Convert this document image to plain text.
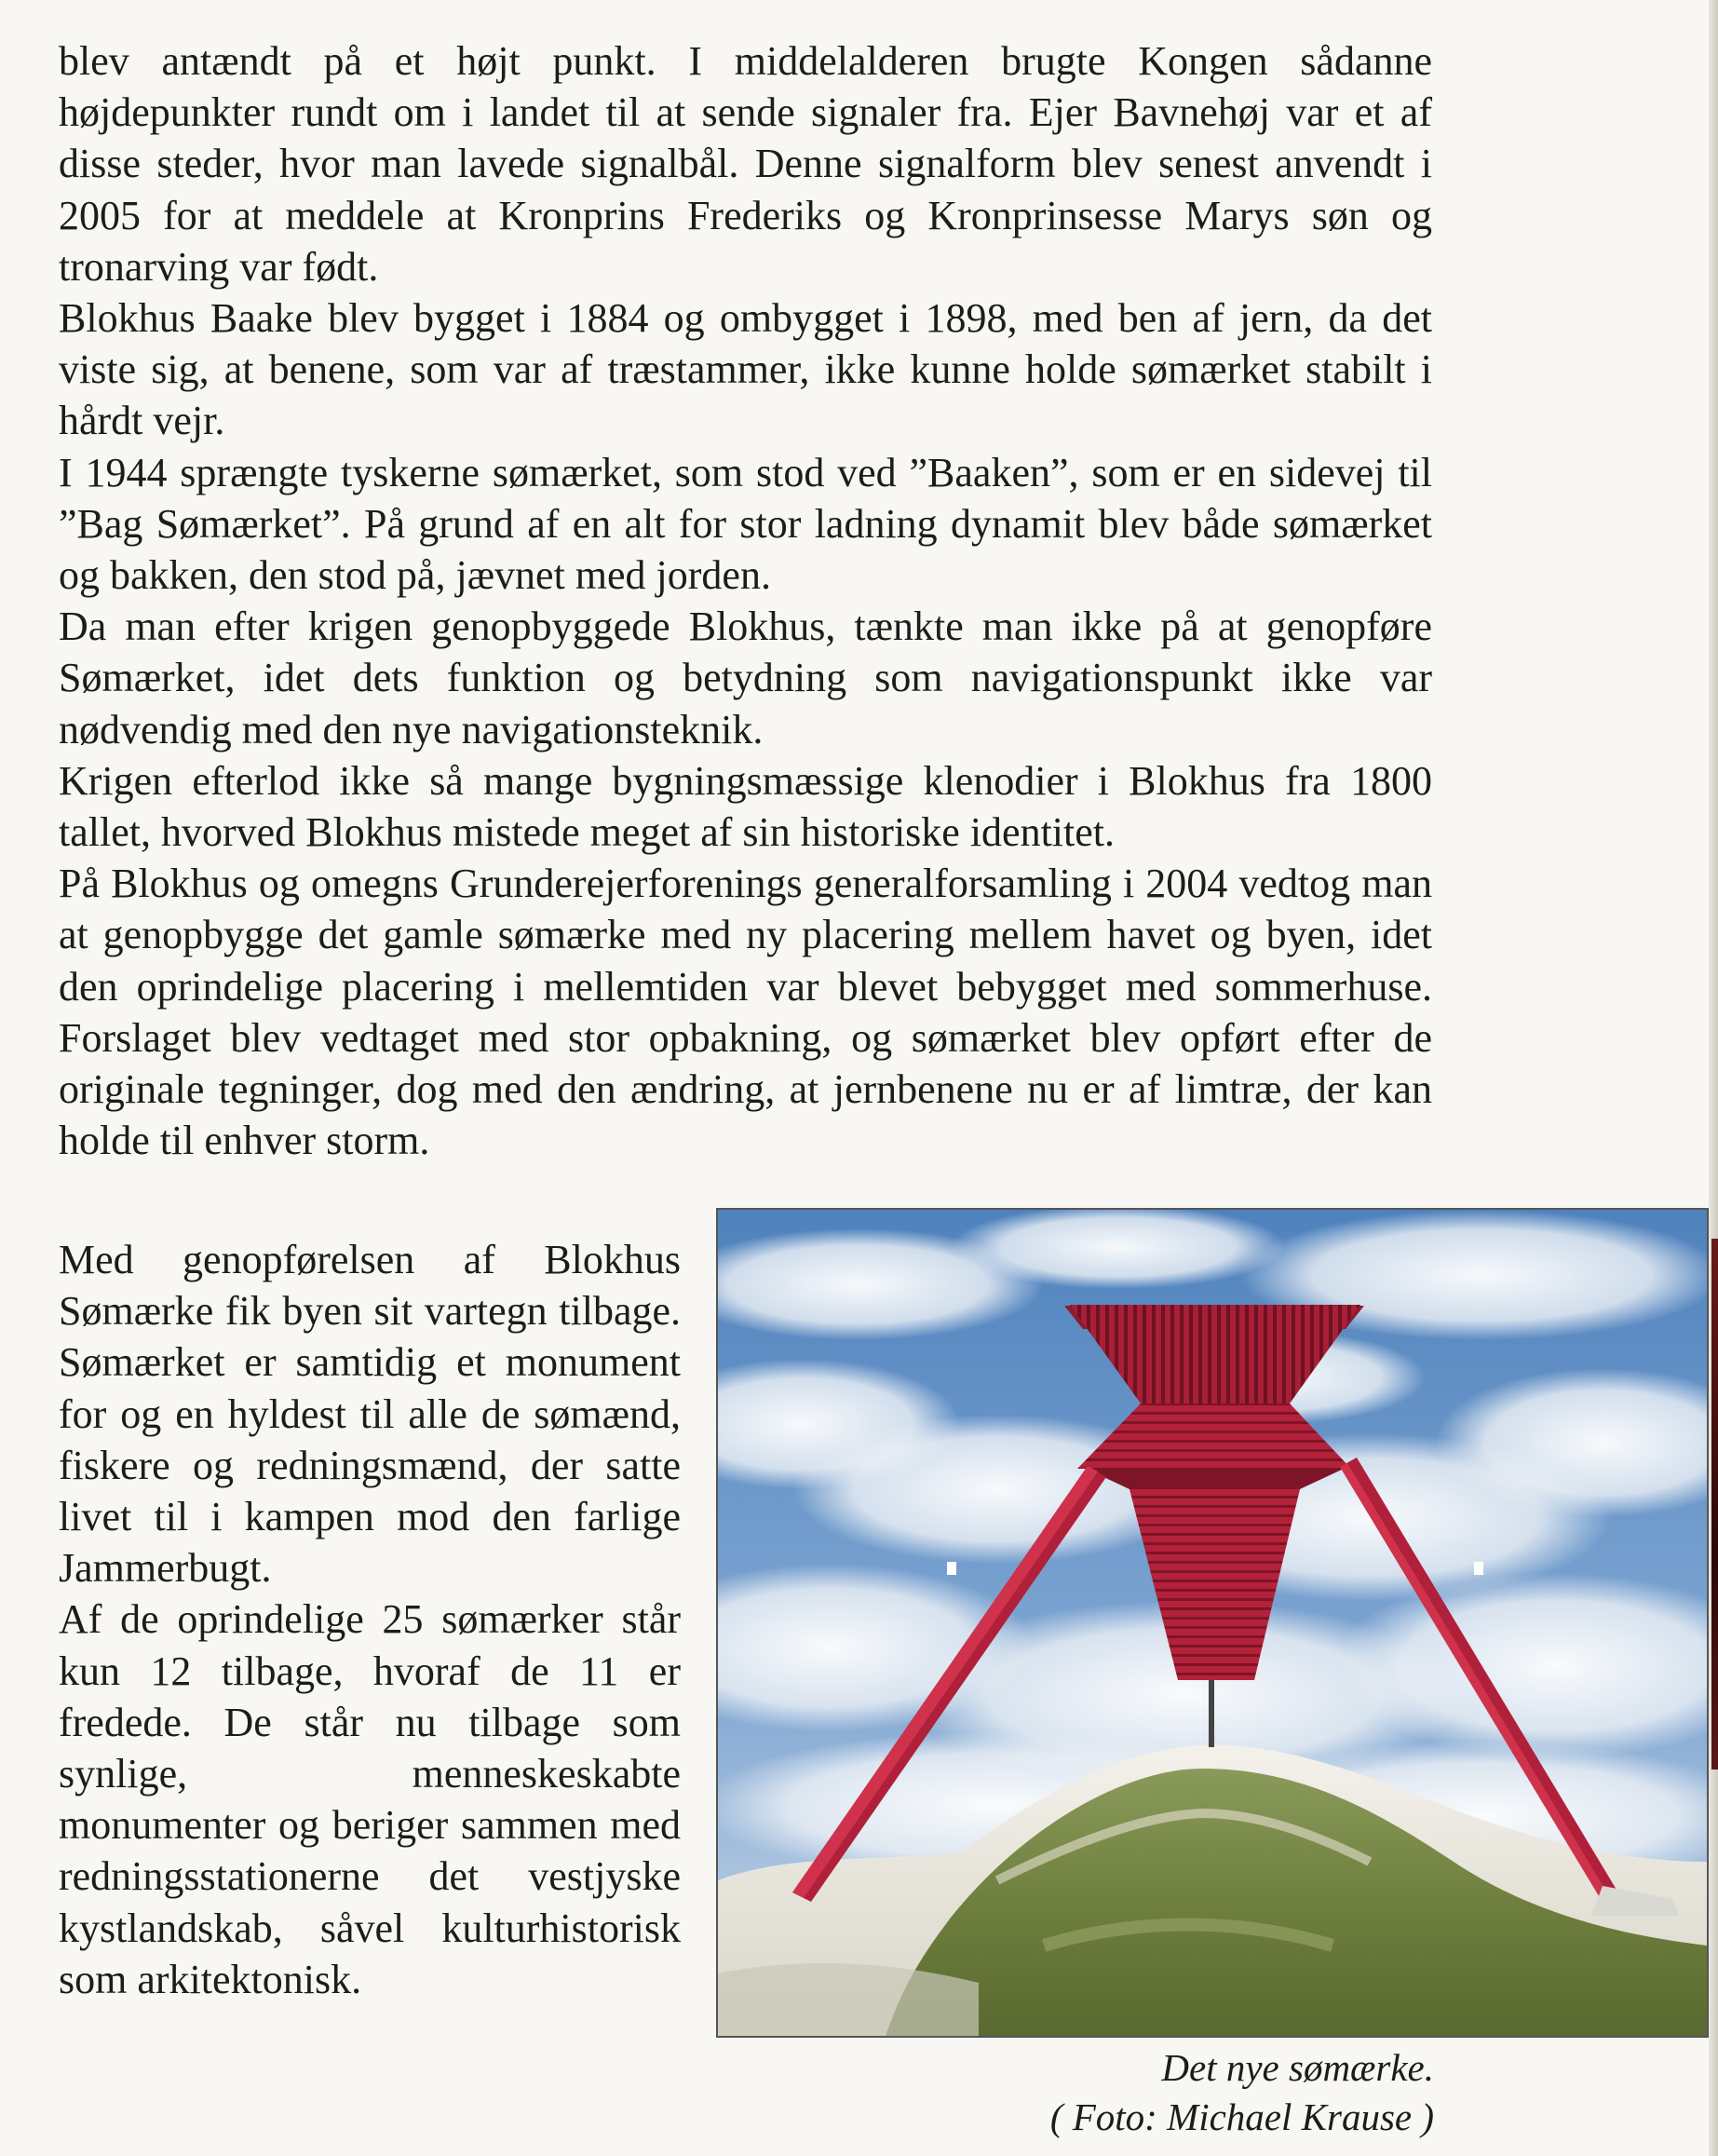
blev antændt på et højt punkt. I middelalderen brugte Kongen sådanne højdepunkter rundt om i landet til at sende signaler fra. Ejer Bavnehøj var et af disse steder, hvor man lavede signalbål. Denne signalform blev senest anvendt i 2005 for at meddele at Kronprins Frederiks og Kronprinsesse Marys søn og tronarving var født.

Blokhus Baake blev bygget i 1884 og ombygget i 1898, med ben af jern, da det viste sig, at benene, som var af træstammer, ikke kunne holde sømærket stabilt i hårdt vejr.

I 1944 sprængte tyskerne sømærket, som stod ved ”Baaken”, som er en sidevej til ”Bag Sømærket”. På grund af en alt for stor ladning dynamit blev både sømærket og bakken, den stod på, jævnet med jorden.

Da man efter krigen genopbyggede Blokhus, tænkte man ikke på at genopføre Sømærket, idet dets funktion og betydning som navigationspunkt ikke var nødvendig med den nye navigationsteknik.

Krigen efterlod ikke så mange bygningsmæssige klenodier i Blokhus fra 1800 tallet, hvorved Blokhus mistede meget af sin historiske identitet.

På Blokhus og omegns Grunderejerforenings generalforsamling i 2004 vedtog man at genopbygge det gamle sømærke med ny placering mellem havet og byen, idet den oprindelige placering i mellemtiden var blevet bebygget med sommerhuse. Forslaget blev vedtaget med stor opbakning, og sømærket blev opført efter de originale tegninger, dog med den ændring, at jernbenene nu er af limtræ, der kan holde til enhver storm.

Med genopførelsen af Blokhus Sømærke fik byen sit vartegn tilbage. Sømærket er samtidig et monument for og en hyldest til alle de sømænd, fiskere og redningsmænd, der satte livet til i kampen mod den farlige Jammerbugt.

Af de oprindelige 25 sømærker står kun 12 tilbage, hvoraf de 11 er fredede. De står nu tilbage som synlige, menneskeskabte monumenter og beriger sammen med redningsstationerne det vestjyske kystlandskab, såvel kulturhistorisk som arkitektonisk.

Det nye sømærke.
( Foto: Michael Krause )
